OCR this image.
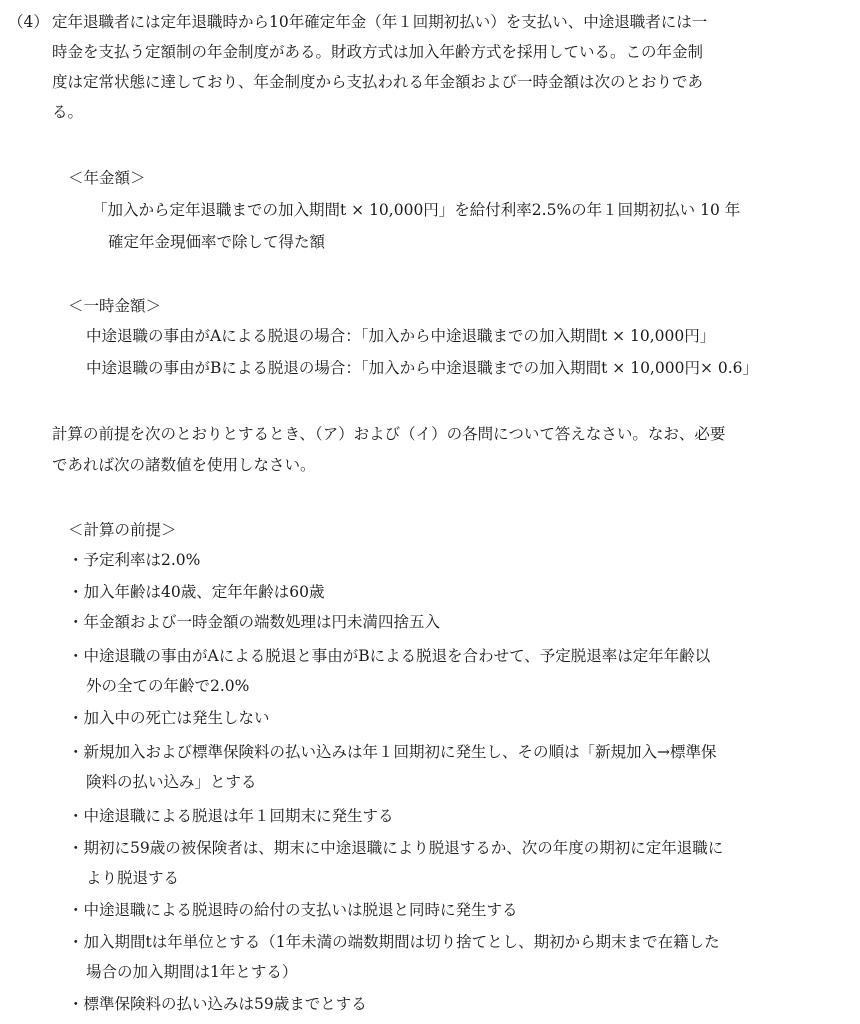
（4） 定年退職者には定年退職時から10年確定年金（年１回期初払い）を支払い、中途退職者には一
時金を支払う定額制の年金制度がある。財政方式は加入年齢方式を採用している。この年金制
度は定常状態に達しており、年金制度から支払われる年金額および一時金額は次のとおりであ
る。
＜年金額＞
「加入から定年退職までの加入期間t × 10,000円」を給付利率2.5%の年１回期初払い 10 年
確定年金現価率で除して得た額
＜一時金額＞
中途退職の事由がAによる脱退の場合：「加入から中途退職までの加入期間t × 10,000円」
中途退職の事由がBによる脱退の場合：「加入から中途退職までの加入期間t × 10,000円× 0.6」
計算の前提を次のとおりとするとき、（ア）および（イ）の各問について答えなさい。なお、必要
であれば次の諸数値を使用しなさい。
＜計算の前提＞
・予定利率は2.0%
・加入年齢は40歳、定年年齢は60歳
・年金額および一時金額の端数処理は円未満四捨五入
・中途退職の事由がAによる脱退と事由がBによる脱退を合わせて、予定脱退率は定年年齢以
外の全ての年齢で2.0%
・加入中の死亡は発生しない
・新規加入および標準保険料の払い込みは年１回期初に発生し、その順は「新規加入→標準保
険料の払い込み」とする
・中途退職による脱退は年１回期末に発生する
・期初に59歳の被保険者は、期末に中途退職により脱退するか、次の年度の期初に定年退職に
より脱退する
・中途退職による脱退時の給付の支払いは脱退と同時に発生する
・加入期間tは年単位とする（1年未満の端数期間は切り捨てとし、期初から期末まで在籍した
場合の加入期間は1年とする）
・標準保険料の払い込みは59歳までとする
